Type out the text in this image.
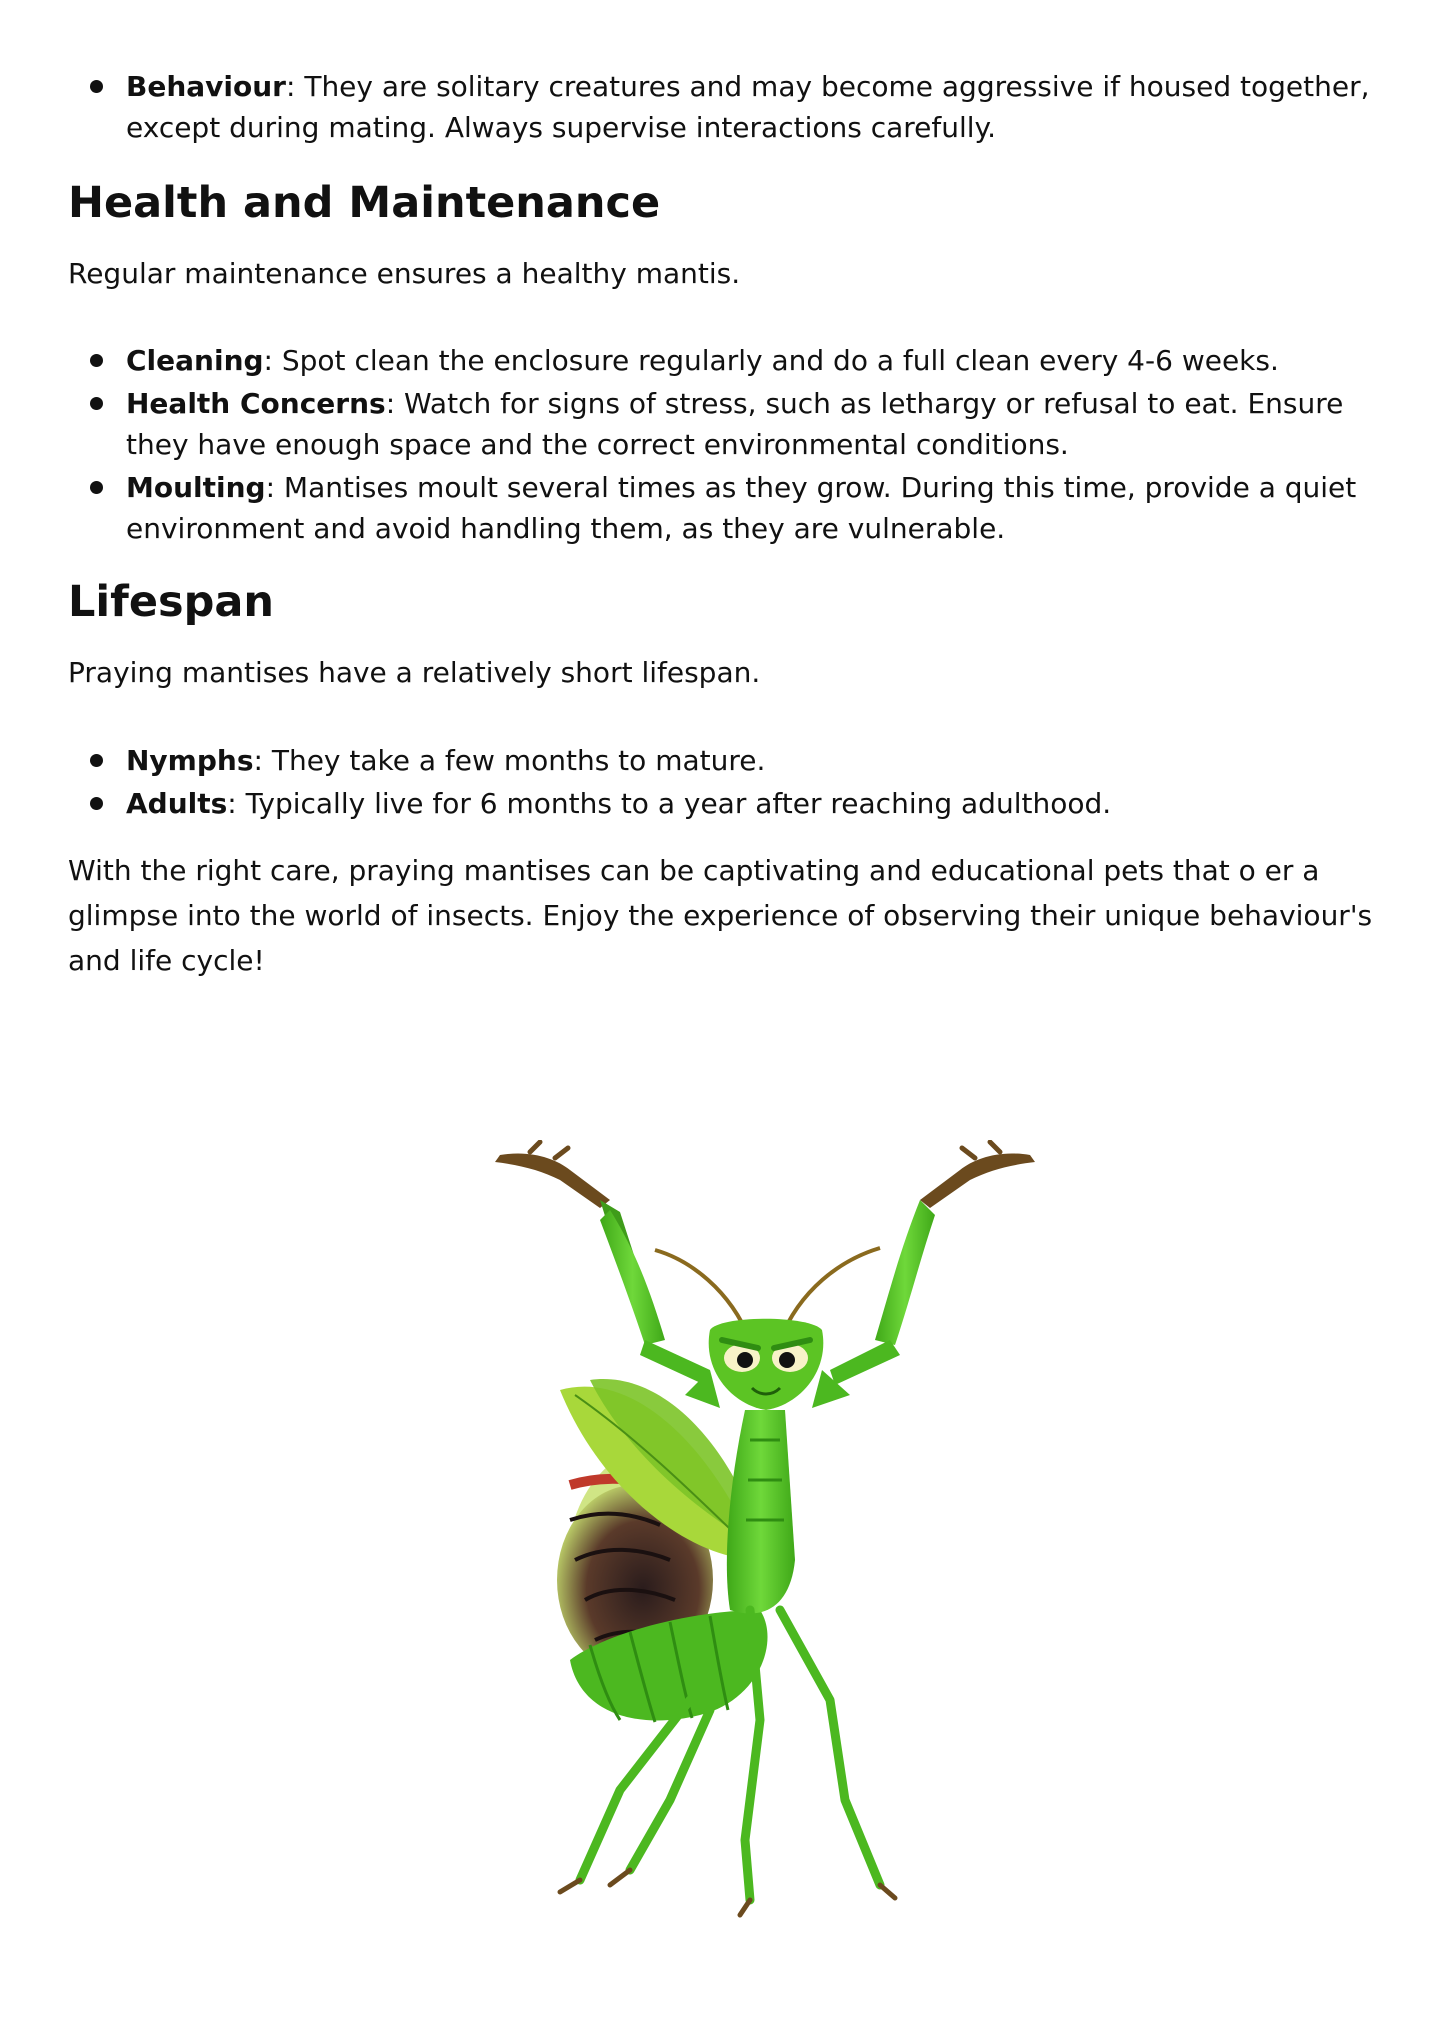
Behaviour: They are solitary creatures and may become aggressive if housed together, except during mating. Always supervise interactions carefully.
Health and Maintenance

Regular maintenance ensures a healthy mantis.

Cleaning: Spot clean the enclosure regularly and do a full clean every 4-6 weeks.
Health Concerns: Watch for signs of stress, such as lethargy or refusal to eat. Ensure they have enough space and the correct environmental conditions.
Moulting: Mantises moult several times as they grow. During this time, provide a quiet environment and avoid handling them, as they are vulnerable.
Lifespan

Praying mantises have a relatively short lifespan.

Nymphs: They take a few months to mature.
Adults: Typically live for 6 months to a year after reaching adulthood.

With the right care, praying mantises can be captivating and educational pets that o er a glimpse into the world of insects. Enjoy the experience of observing their unique behaviour's and life cycle!
